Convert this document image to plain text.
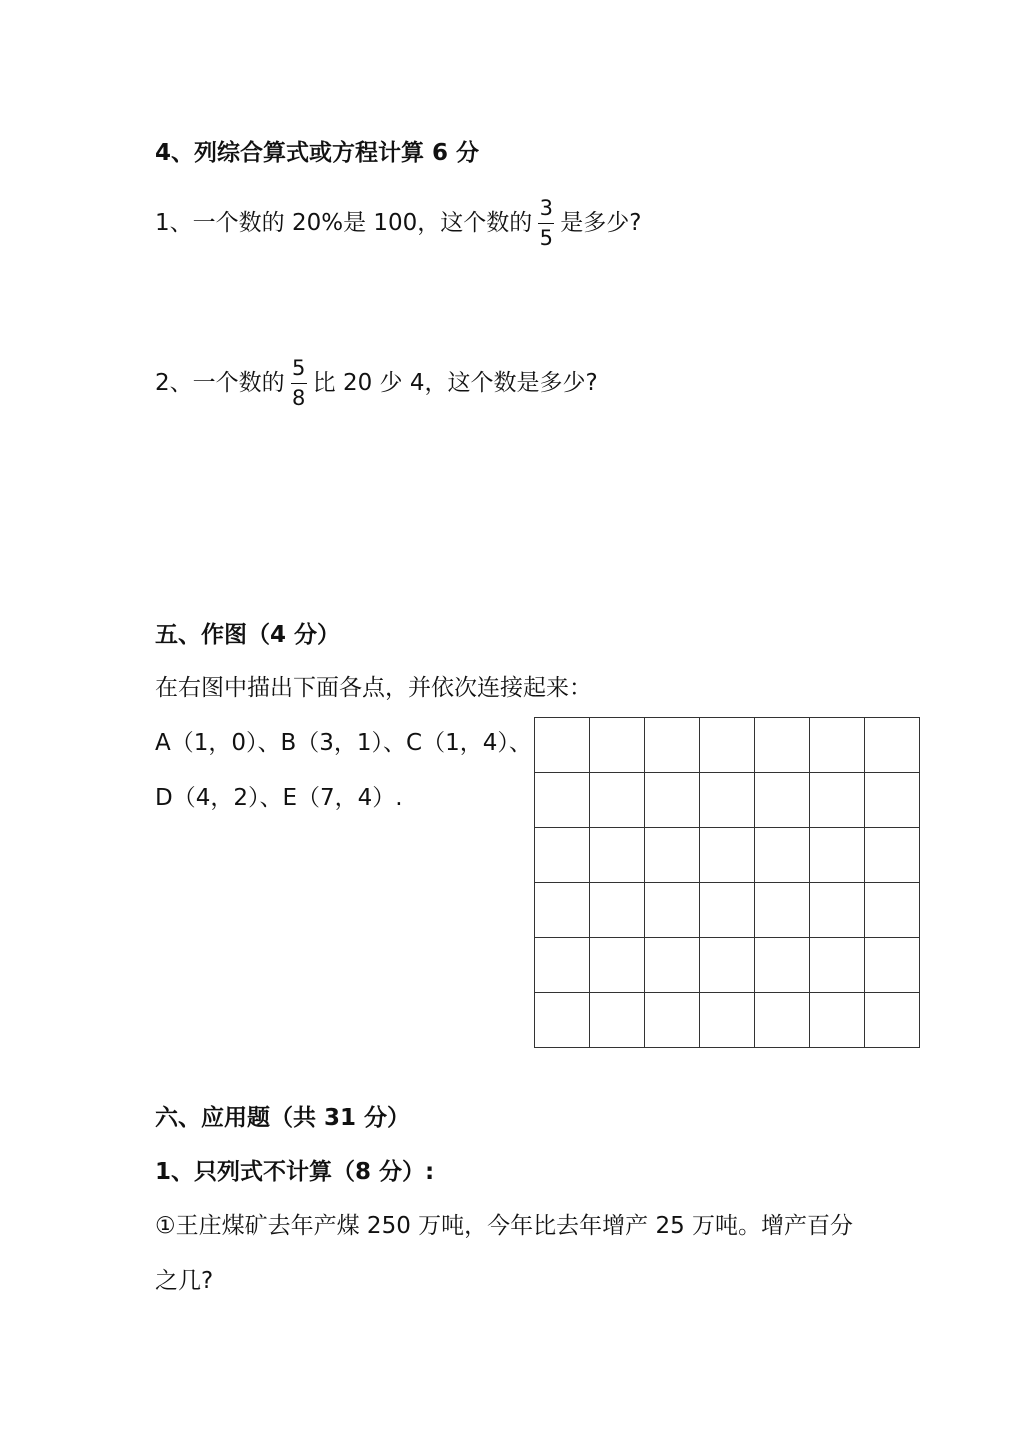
4、列综合算式或方程计算 6 分
1、一个数的 20%是 100，这个数的 $\frac{3}{5}$ 是多少?
2、一个数的 $\frac{5}{8}$ 比 20 少 4，这个数是多少?
五、作图（4 分）
在右图中描出下面各点，并依次连接起来：
A（1，0）、B（3，1）、C（1，4）、
D（4，2）、E（7，4）.
六、应用题（共 31 分）
1、只列式不计算（8 分）:
①王庄煤矿去年产煤 250 万吨，今年比去年增产 25 万吨。增产百分
之几?
